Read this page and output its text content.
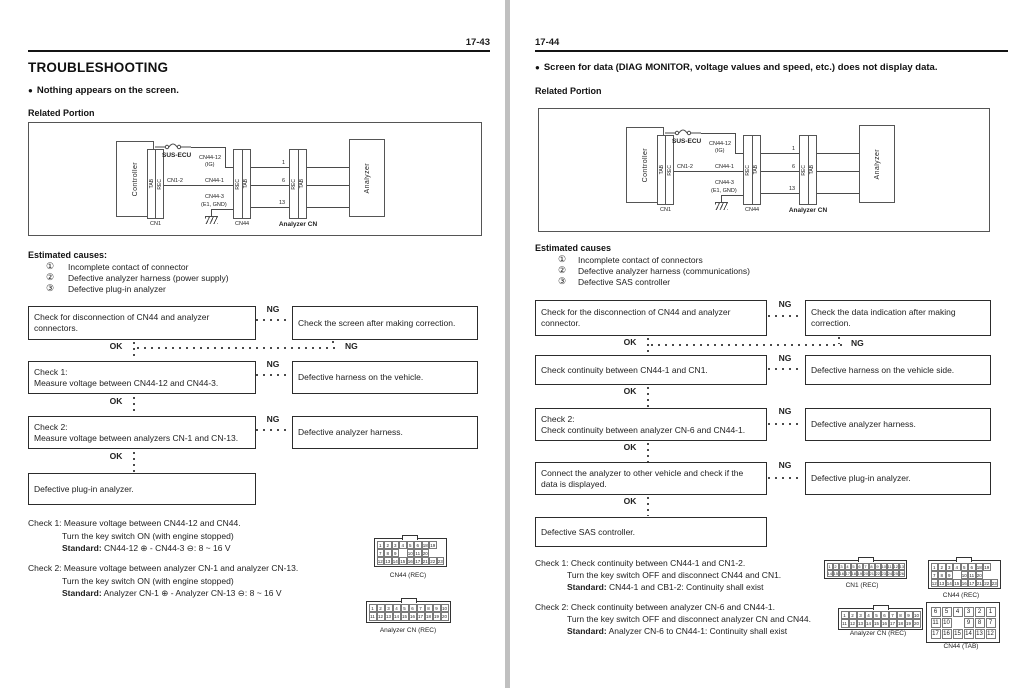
17-43
TROUBLESHOOTING
● Nothing appears on the screen.
Related Portion
Controller TAB REC
CN1
SUS-ECU CN44-12
(IG)
CN1-2	CN44-1
CN44-3
(E1, GND)
REC TAB
CN44
1
6
13
REC TAB
Analyzer CN
Analyzer
Estimated causes:
① Incomplete contact of connector
② Defective analyzer harness (power supply)
③ Defective plug-in analyzer
Check for disconnection of CN44 and analyzer connectors.
NG
Check the screen after making correction.
OK	NG
Check 1:
Measure voltage between CN44-12 and CN44-3.
NG
Defective harness on the vehicle.
OK
Check 2:
Measure voltage between analyzers CN-1 and CN-13.
NG
Defective analyzer harness.
OK
Defective plug-in analyzer.
Check 1: Measure voltage between CN44-12 and CN44.
Turn the key switch ON (with engine stopped)
Standard: CN44-12 ⊕ - CN44-3 ⊖: 8 ~ 16 V
Check 2: Measure voltage between analyzer CN-1 and analyzer CN-13.
Turn the key switch ON (with engine stopped)
Standard: Analyzer CN-1 ⊕ - Analyzer CN-13 ⊖: 8 ~ 16 V
1	2	3	4	5	6 18 19
7	8	9	10 11 20
12 13 14 15 16 17 21 22 23
CN44 (REC)
1	2	3	4	5	6	7	8	9 10
11 12 13 14 15 16 17 18 19 20
Analyzer CN (REC)
17-44
● Screen for data (DIAG MONITOR, voltage values and speed, etc.) does not display data.
Related Portion
Controller TAB REC
CN1
SUS-ECU CN44-12
(IG)
CN1-2	CN44-1
CN44-3
(E1, GND)
REC TAB
CN44
1
6
13
REC TAB
Analyzer CN
Analyzer
Estimated causes
① Incomplete contact of connectors
② Defective analyzer harness (communications)
③ Defective SAS controller
Check for the disconnection of CN44 and analyzer connector.
NG
Check the data indication after making correction.
OK	NG
Check continuity between CN44-1 and CN1.
NG
Defective harness on the vehicle side.
OK
Check 2:
Check continuity between analyzer CN-6 and CN44-1.
NG
Defective analyzer harness.
OK
Connect the analyzer to other vehicle and check if the data is displayed.
NG
Defective plug-in analyzer.
OK
Defective SAS controller.
Check 1: Check continuity between CN44-1 and CN1-2.
Turn the key switch OFF and disconnect CN44 and CN1.
Standard: CN44-1 and CB1-2: Continuity shall exist
Check 2: Check continuity between analyzer CN-6 and CN44-1.
Turn the key switch OFF and disconnect analyzer CN and CN44.
Standard: Analyzer CN-6 to CN44-1: Continuity shall exist
1 2 3 4 5 6 7 8 9 10 11 12 13
14 15 16 17 18 19 20 21 22 23 24 25 26
CN1 (REC)
1	2	3	4	5	6 18 19
7	8	9	10 11 20
12 13 14 15 16 17 21 22 23
CN44 (REC)
1	2	3	4	5	6	7	8	9 10
11 12 13 14 15 16 17 18 19 20
Analyzer CN (REC)
6	5	4	3	2	1
11 10	9	8	7
17 16 15 14 13 12
CN44 (TAB)
